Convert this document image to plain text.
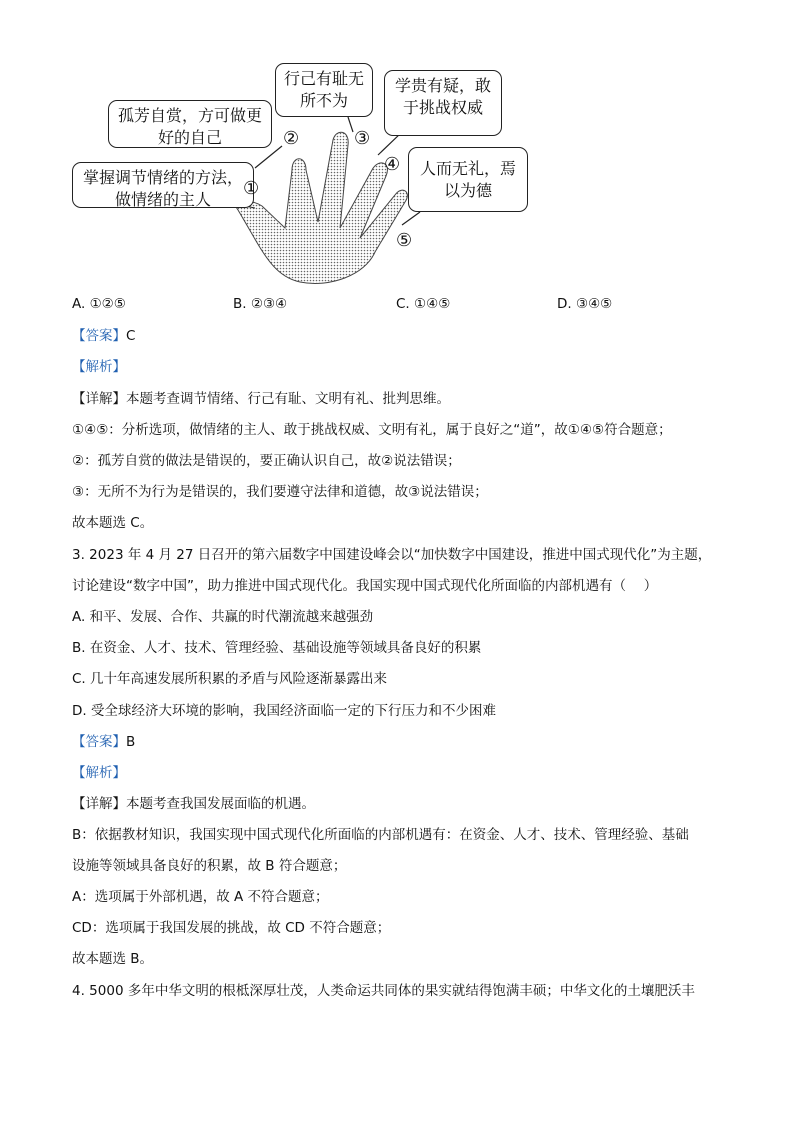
掌握调节情绪的方法，做情绪的主人
孤芳自赏，方可做更好的自己
行己有耻无所不为
学贵有疑，敢于挑战权威
人而无礼，焉以为德
①
②	③
④
⑤
A. ①②⑤	B. ②③④	C. ①④⑤	D. ③④⑤
【答案】C
【解析】
【详解】本题考查调节情绪、行己有耻、文明有礼、批判思维。
①④⑤：分析选项，做情绪的主人、敢于挑战权威、文明有礼，属于良好之“道”，故①④⑤符合题意；
②：孤芳自赏的做法是错误的，要正确认识自己，故②说法错误；
③：无所不为行为是错误的，我们要遵守法律和道德，故③说法错误；
故本题选 C。
3. 2023 年 4 月 27 日召开的第六届数字中国建设峰会以“加快数字中国建设，推进中国式现代化”为主题，
讨论建设“数字中国”，助力推进中国式现代化。我国实现中国式现代化所面临的内部机遇有（　 ）
A. 和平、发展、合作、共赢的时代潮流越来越强劲
B. 在资金、人才、技术、管理经验、基础设施等领域具备良好的积累
C. 几十年高速发展所积累的矛盾与风险逐渐暴露出来
D. 受全球经济大环境的影响，我国经济面临一定的下行压力和不少困难
【答案】B
【解析】
【详解】本题考查我国发展面临的机遇。
B：依据教材知识，我国实现中国式现代化所面临的内部机遇有：在资金、人才、技术、管理经验、基础
设施等领域具备良好的积累，故 B 符合题意；
A：选项属于外部机遇，故 A 不符合题意；
CD：选项属于我国发展的挑战，故 CD 不符合题意；
故本题选 B。
4. 5000 多年中华文明的根柢深厚壮茂，人类命运共同体的果实就结得饱满丰硕；中华文化的土壤肥沃丰
